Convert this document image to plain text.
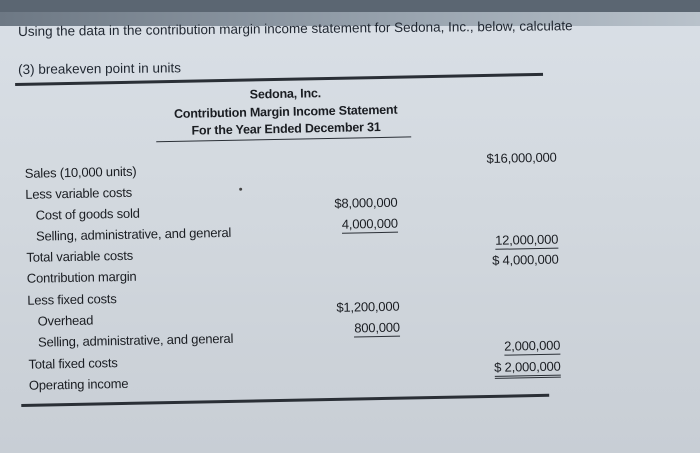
Using the data in the contribution margin income statement for Sedona, Inc., below, calculate
(3) breakeven point in units
Sedona, Inc.
Contribution Margin Income Statement
For the Year Ended December 31
Sales (10,000 units)
$16,000,000
Less variable costs
Cost of goods sold
$8,000,000
Selling, administrative, and general
4,000,000
Total variable costs
12,000,000
Contribution margin
$ 4,000,000
Less fixed costs
Overhead
$1,200,000
Selling, administrative, and general
800,000
Total fixed costs
2,000,000
Operating income
$ 2,000,000
